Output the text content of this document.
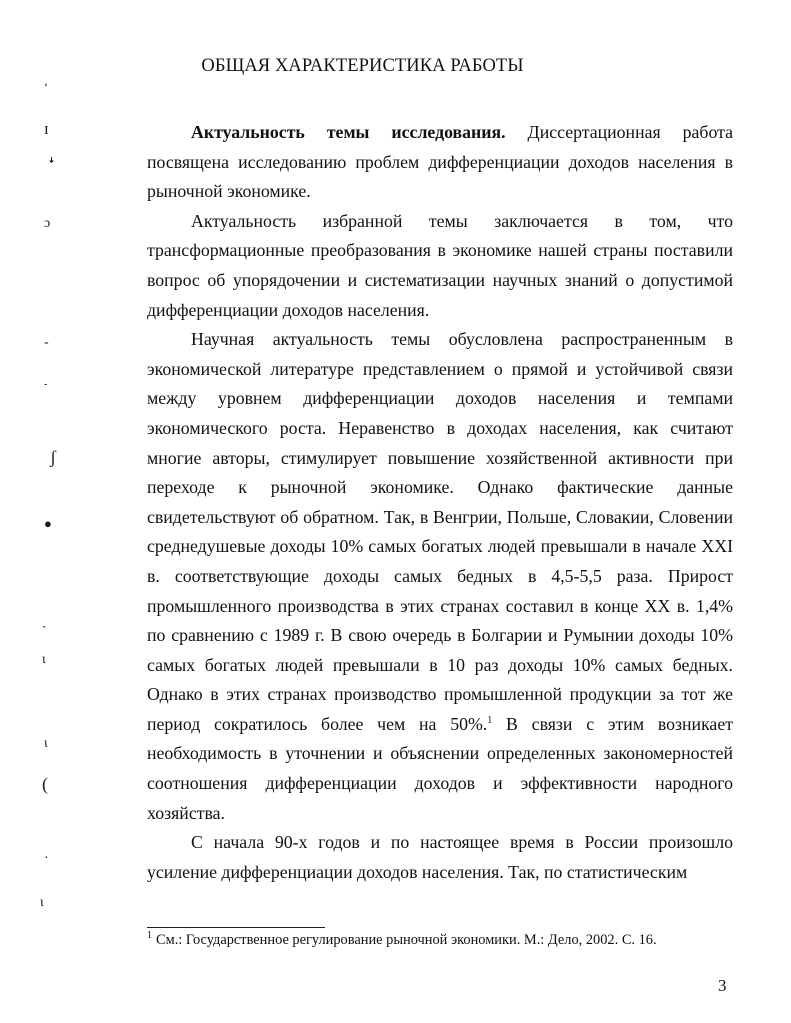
ОБЩАЯ ХАРАКТЕРИСТИКА РАБОТЫ

Актуальность темы исследования. Диссертационная работа посвящена исследованию проблем дифференциации доходов населения в рыночной экономике.

Актуальность избранной темы заключается в том, что трансформационные преобразования в экономике нашей страны поставили вопрос об упорядочении и систематизации научных знаний о допустимой дифференциации доходов населения.

Научная актуальность темы обусловлена распространенным в экономической литературе представлением о прямой и устойчивой связи между уровнем дифференциации доходов населения и темпами экономического роста. Неравенство в доходах населения, как считают многие авторы, стимулирует повышение хозяйственной активности при переходе к рыночной экономике. Однако фактические данные свидетельствуют об обратном. Так, в Венгрии, Польше, Словакии, Словении среднедушевые доходы 10% самых богатых людей превышали в начале XXI в. соответствующие доходы самых бедных в 4,5-5,5 раза. Прирост промышленного производства в этих странах составил в конце XX в. 1,4% по сравнению с 1989 г. В свою очередь в Болгарии и Румынии доходы 10% самых богатых людей превышали в 10 раз доходы 10% самых бедных. Однако в этих странах производство промышленной продукции за тот же период сократилось более чем на 50%.$^1$ В связи с этим возникает необходимость в уточнении и объяснении определенных закономерностей соотношения дифференциации доходов и эффективности народного хозяйства.

С начала 90-х годов и по настоящее время в России произошло усиление дифференциации доходов населения. Так, по статистическим

$^1$ См.: Государственное регулирование рыночной экономики. М.: Дело, 2002. С. 16.
3
‘
ɪ
ꜜ
ɔ
-
-
ʃ
●
ˎ
ɩ
ɩ
(
·
ɩ
